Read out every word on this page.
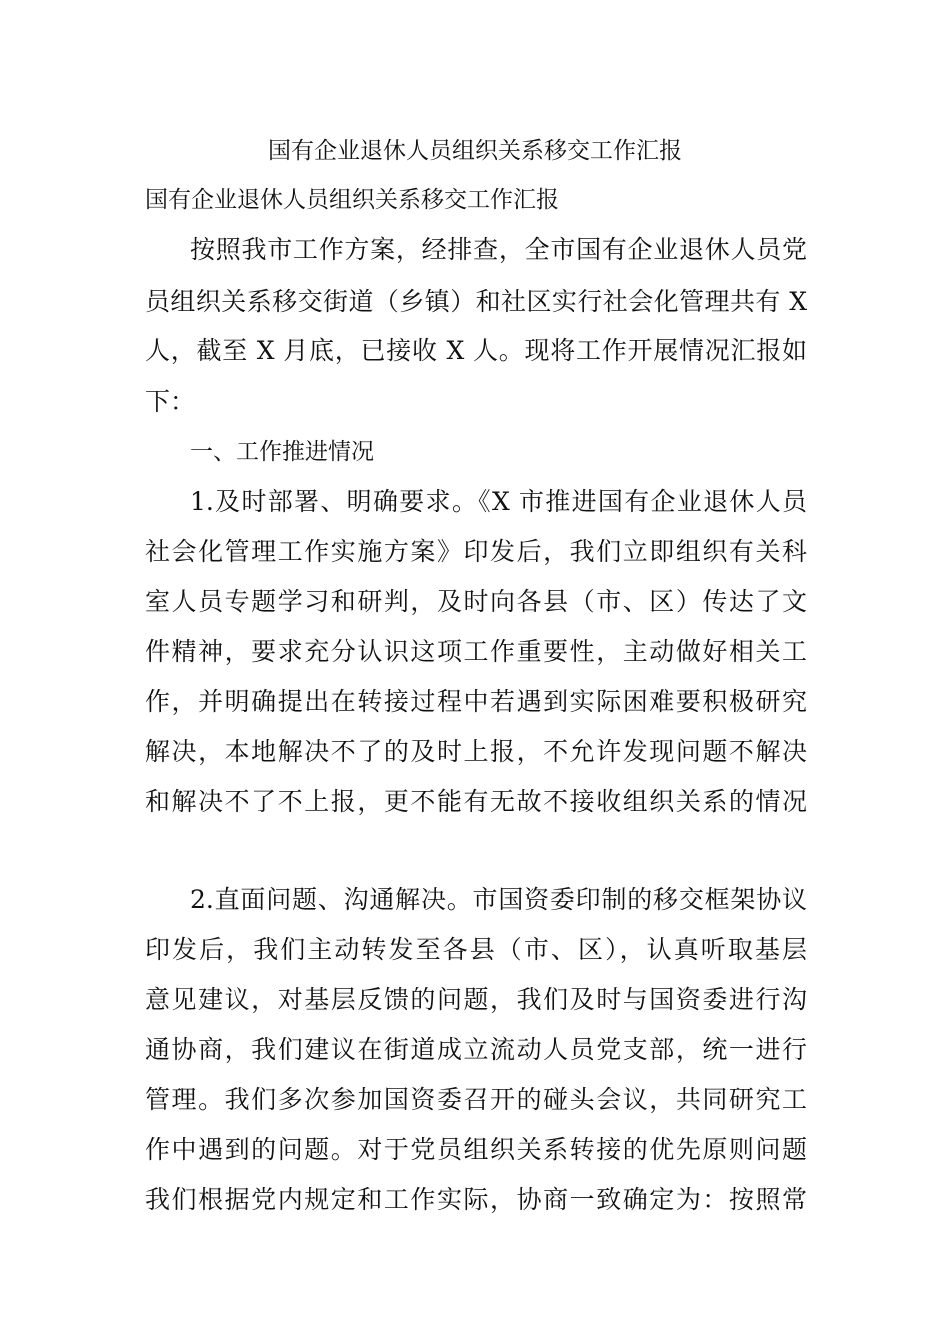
国有企业退休人员组织关系移交工作汇报

国有企业退休人员组织关系移交工作汇报

按照我市工作方案，经排查，全市国有企业退休人员党

员组织关系移交街道（乡镇）和社区实行社会化管理共有 X

人，截至 X 月底，已接收 X 人。现将工作开展情况汇报如

下：

一、工作推进情况

1.及时部署、明确要求。《X 市推进国有企业退休人员

社会化管理工作实施方案》印发后，我们立即组织有关科

室人员专题学习和研判，及时向各县（市、区）传达了文

件精神，要求充分认识这项工作重要性，主动做好相关工

作，并明确提出在转接过程中若遇到实际困难要积极研究

解决，本地解决不了的及时上报，不允许发现问题不解决

和解决不了不上报，更不能有无故不接收组织关系的情况

2.直面问题、沟通解决。市国资委印制的移交框架协议

印发后，我们主动转发至各县（市、区），认真听取基层

意见建议，对基层反馈的问题，我们及时与国资委进行沟

通协商，我们建议在街道成立流动人员党支部，统一进行

管理。我们多次参加国资委召开的碰头会议，共同研究工

作中遇到的问题。对于党员组织关系转接的优先原则问题

我们根据党内规定和工作实际，协商一致确定为：按照常
